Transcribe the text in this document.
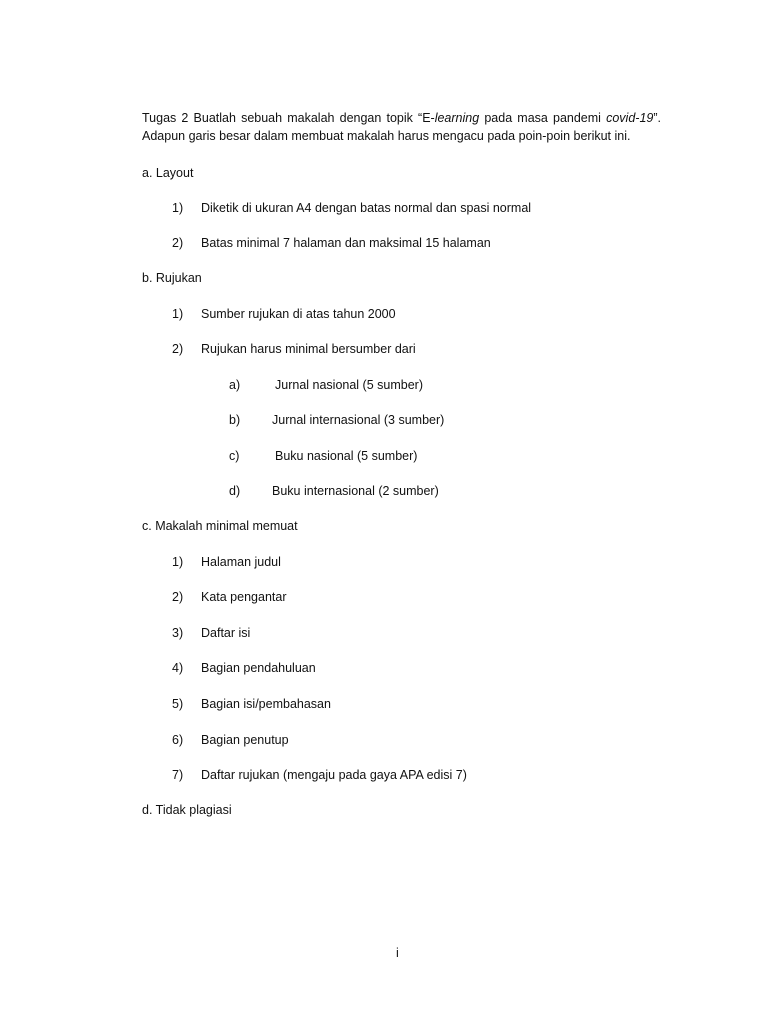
Tugas 2 Buatlah sebuah makalah dengan topik “E-learning pada masa pandemi covid-19”.
Adapun garis besar dalam membuat makalah harus mengacu pada poin-poin berikut ini.
a. Layout
1) Diketik di ukuran A4 dengan batas normal dan spasi normal
2) Batas minimal 7 halaman dan maksimal 15 halaman
b. Rujukan
1) Sumber rujukan di atas tahun 2000
2) Rujukan harus minimal bersumber dari
a)	Jurnal nasional (5 sumber)
b)	Jurnal internasional (3 sumber)
c)	Buku nasional (5 sumber)
d)	Buku internasional (2 sumber)
c. Makalah minimal memuat
1) Halaman judul
2) Kata pengantar
3) Daftar isi
4) Bagian pendahuluan
5) Bagian isi/pembahasan
6) Bagian penutup
7) Daftar rujukan (mengaju pada gaya APA edisi 7)
d. Tidak plagiasi
i
